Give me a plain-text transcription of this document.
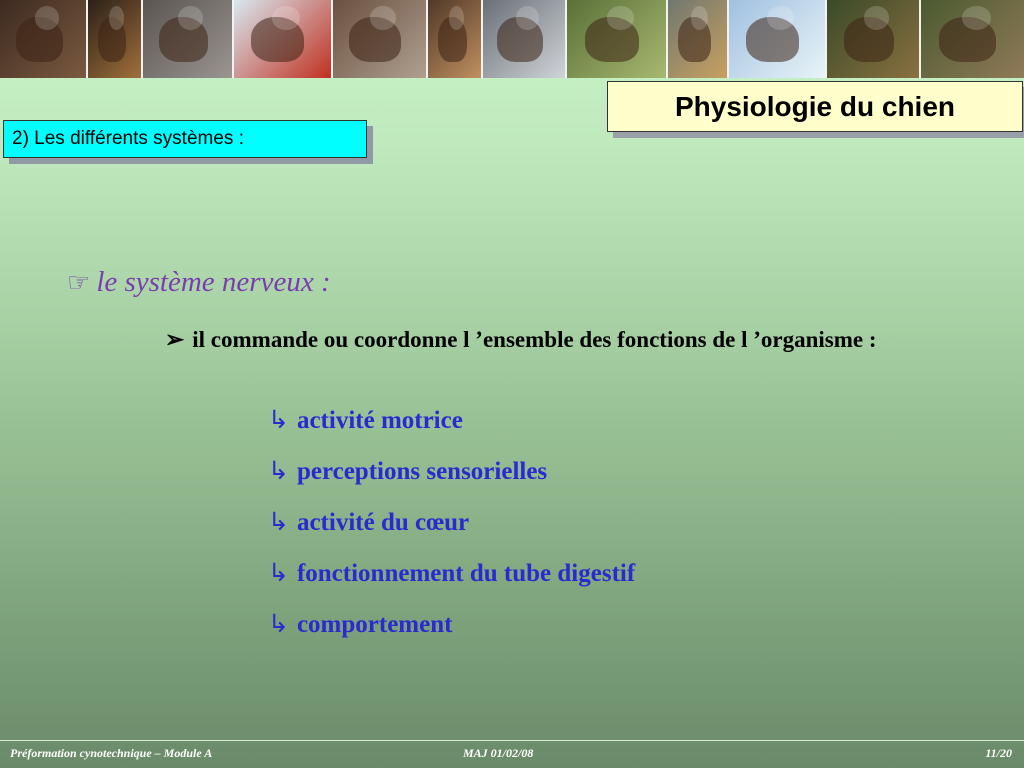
Physiologie du chien
2) Les différents systèmes :
☞ le système nerveux :
➢ il commande ou coordonne l ’ensemble des fonctions de l ’organisme :
↳ activité motrice
↳ perceptions sensorielles
↳ activité du cœur
↳ fonctionnement du tube digestif
↳ comportement
Préformation cynotechnique – Module A	MAJ 01/02/08	11/20
